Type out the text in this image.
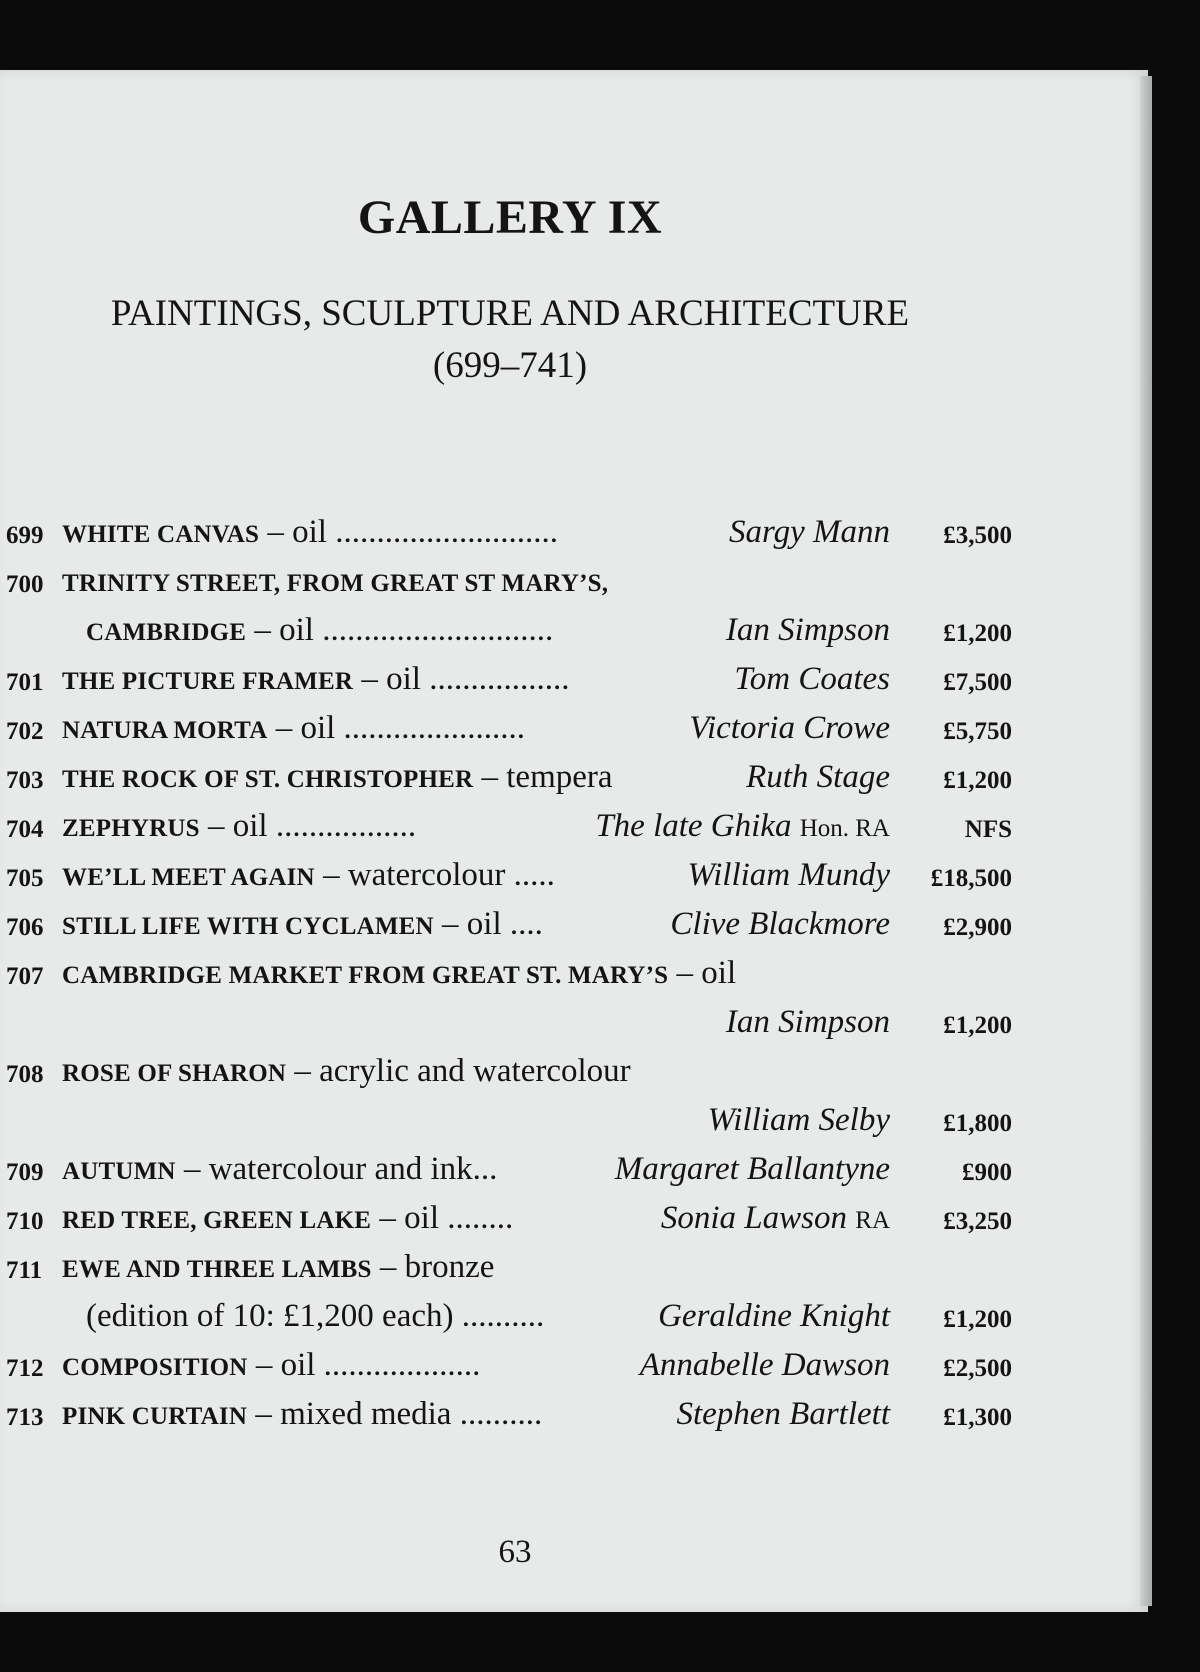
GALLERY IX
PAINTINGS, SCULPTURE AND ARCHITECTURE
(699–741)
699 WHITE CANVAS – oil ...........................	Sargy Mann £3,500
700 TRINITY STREET, FROM GREAT ST MARY’S,
CAMBRIDGE – oil ............................	Ian Simpson £1,200
701 THE PICTURE FRAMER – oil .................	Tom Coates £7,500
702 NATURA MORTA – oil ......................	Victoria Crowe £5,750
703 THE ROCK OF ST. CHRISTOPHER – tempera	Ruth Stage £1,200
704 ZEPHYRUS – oil .................	The late Ghika Hon. RA	NFS
705 WE’LL MEET AGAIN – watercolour .....	William Mundy £18,500
706 STILL LIFE WITH CYCLAMEN – oil ....	Clive Blackmore £2,900
707 CAMBRIDGE MARKET FROM GREAT ST. MARY’S – oil
Ian Simpson £1,200
708 ROSE OF SHARON – acrylic and watercolour
William Selby £1,800
709 AUTUMN – watercolour and ink...	Margaret Ballantyne	£900
710 RED TREE, GREEN LAKE – oil ........	Sonia Lawson RA £3,250
711 EWE AND THREE LAMBS – bronze
(edition of 10: £1,200 each) ..........	Geraldine Knight £1,200
712 COMPOSITION – oil ...................	Annabelle Dawson £2,500
713 PINK CURTAIN – mixed media ..........	Stephen Bartlett £1,300
63
